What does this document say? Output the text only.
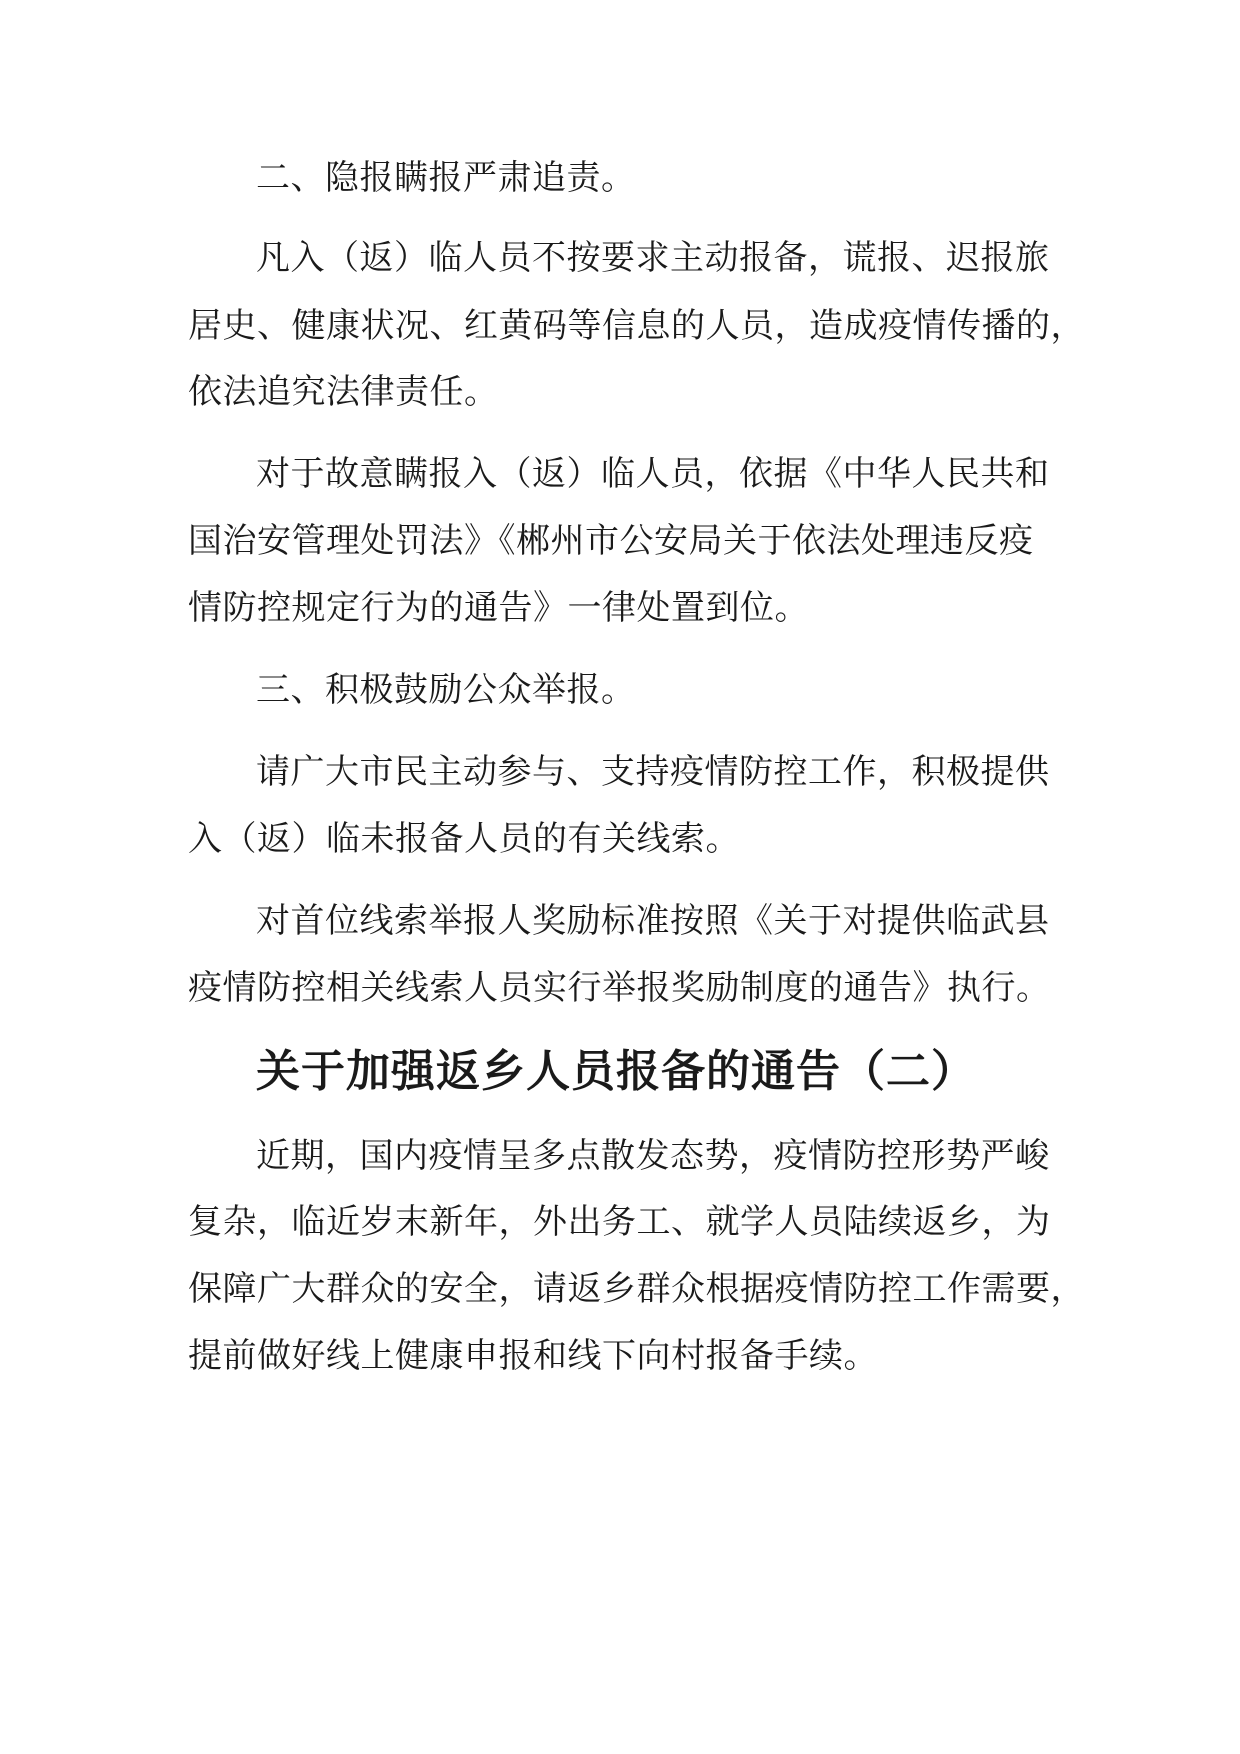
二、隐报瞒报严肃追责。
凡入（返）临人员不按要求主动报备，谎报、迟报旅
居史、健康状况、红黄码等信息的人员，造成疫情传播的，
依法追究法律责任。
对于故意瞒报入（返）临人员，依据《中华人民共和
国治安管理处罚法》《郴州市公安局关于依法处理违反疫
情防控规定行为的通告》一律处置到位。
三、积极鼓励公众举报。
请广大市民主动参与、支持疫情防控工作，积极提供
入（返）临未报备人员的有关线索。
对首位线索举报人奖励标准按照《关于对提供临武县
疫情防控相关线索人员实行举报奖励制度的通告》执行。
关于加强返乡人员报备的通告（二）
近期，国内疫情呈多点散发态势，疫情防控形势严峻
复杂，临近岁末新年，外出务工、就学人员陆续返乡，为
保障广大群众的安全，请返乡群众根据疫情防控工作需要，
提前做好线上健康申报和线下向村报备手续。
